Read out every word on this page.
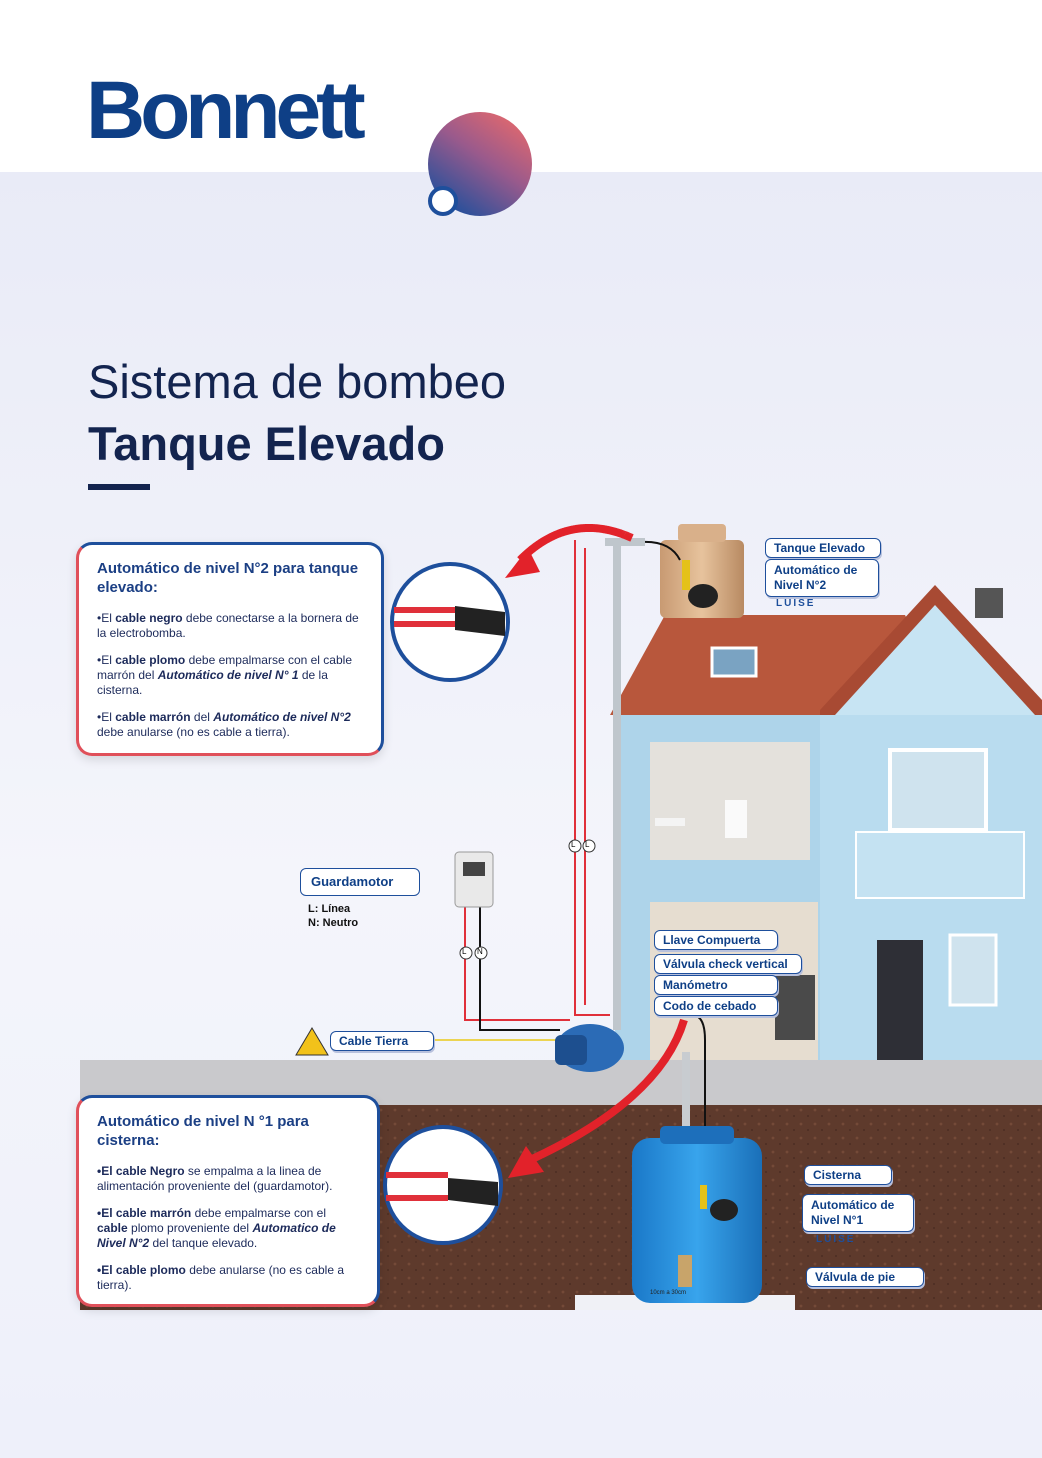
Bonnett
Sistema de bombeo
Tanque Elevado
L L
L N
Automático de nivel N°2 para tanque elevado:

•El cable negro debe conectarse a la bornera de la electrobomba.

•El cable plomo debe empalmarse con el cable marrón del Automático de nivel N° 1 de la cisterna.

•El cable marrón del Automático de nivel N°2 debe anularse (no es cable a tierra).

Automático de nivel N °1 para cisterna:

•El cable Negro se empalma a la linea de alimentación proveniente del (guardamotor).

•El cable marrón debe empalmarse con el cable plomo proveniente del Automatico de Nivel N°2 del tanque elevado.

•El cable plomo debe anularse (no es cable a tierra).

Tanque Elevado
Automático de Nivel N°2
LUISE
Llave Compuerta
Válvula check vertical
Manómetro
Codo de cebado
Cable Tierra
Guardamotor
L: Línea
N: Neutro
Cisterna
Automático de Nivel N°1
LUISE
Válvula de pie
10cm a 30cm
